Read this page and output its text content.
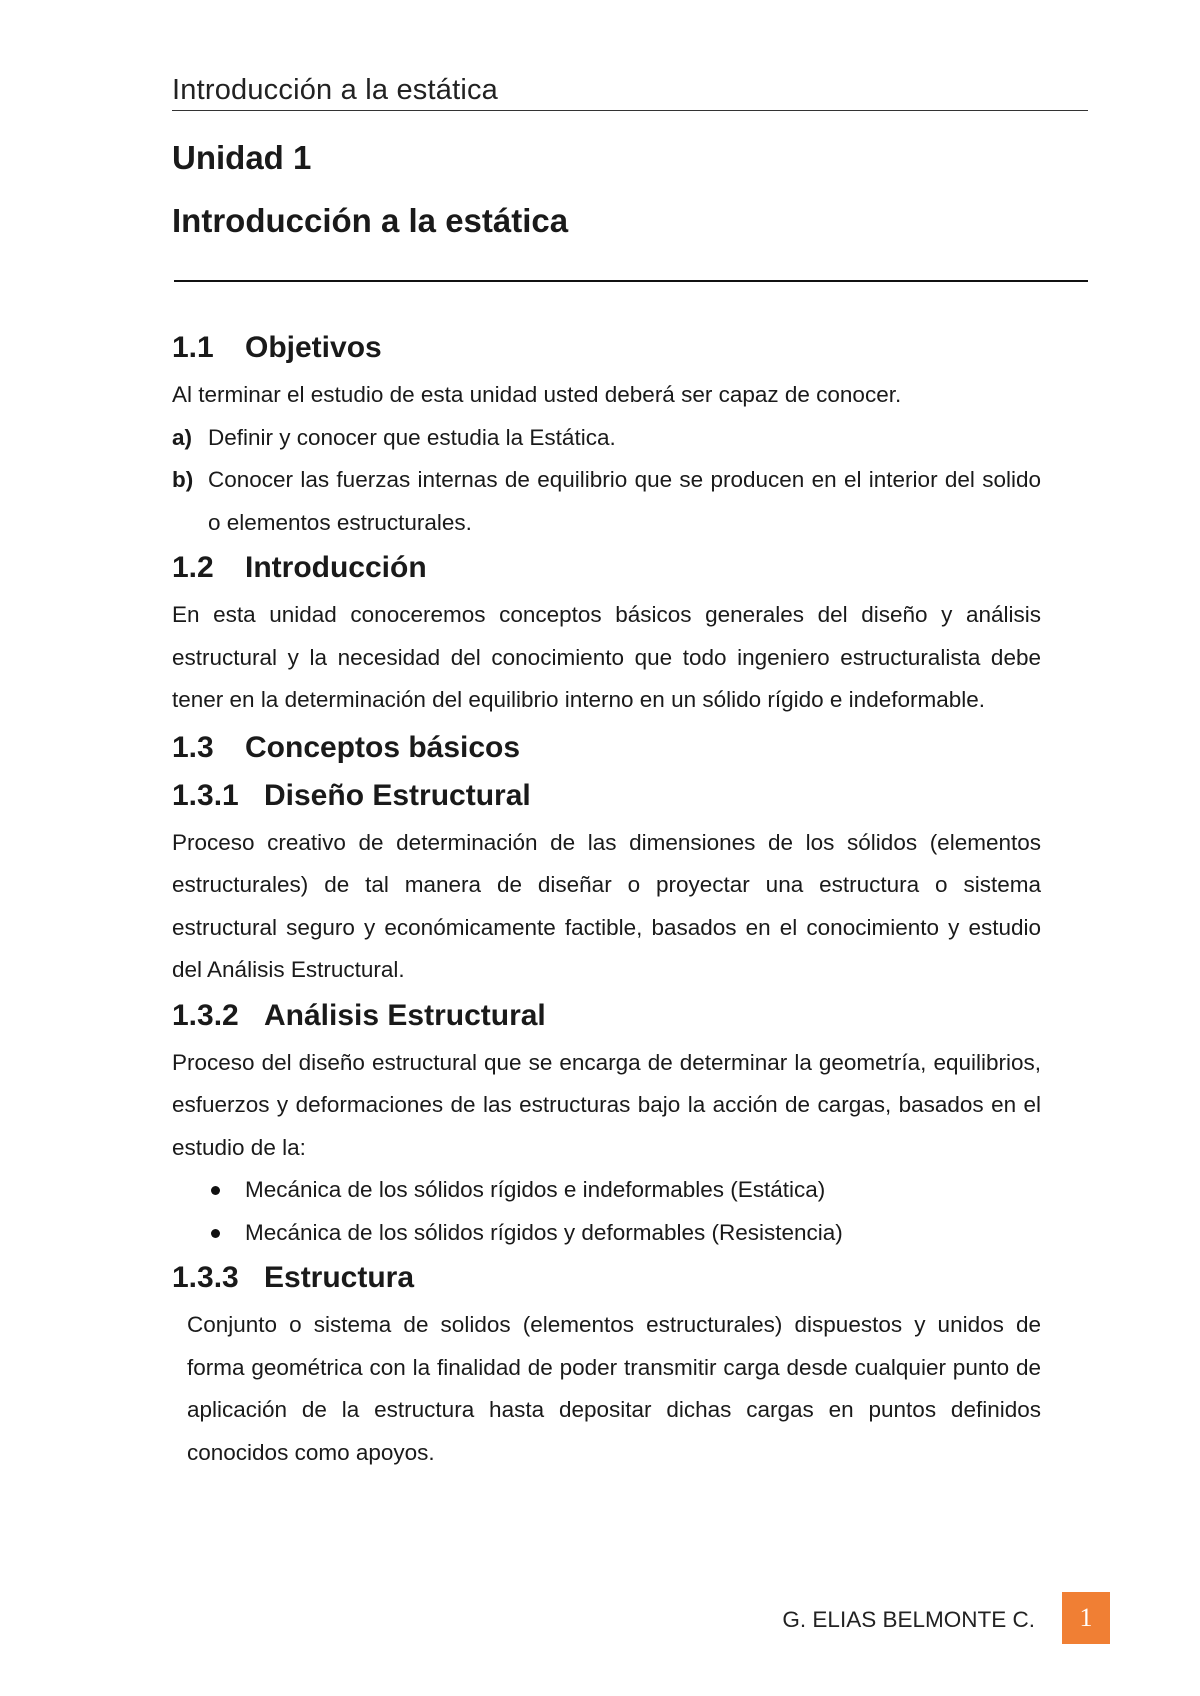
Introducción a la estática
Unidad 1
Introducción a la estática
1.1	Objetivos

Al terminar el estudio de esta unidad usted deberá ser capaz de conocer.

a) Definir y conocer que estudia la Estática.
b) Conocer las fuerzas internas de equilibrio que se producen en el interior del solido o elementos estructurales.
1.2	Introducción

En esta unidad conoceremos conceptos básicos generales del diseño y análisis estructural y la necesidad del conocimiento que todo ingeniero estructuralista debe tener en la determinación del equilibrio interno en un sólido rígido e indeformable.

1.3	Conceptos básicos
1.3.1 Diseño Estructural

Proceso creativo de determinación de las dimensiones de los sólidos (elementos estructurales) de tal manera de diseñar o proyectar una estructura o sistema estructural seguro y económicamente factible, basados en el conocimiento y estudio del Análisis Estructural.

1.3.2 Análisis Estructural

Proceso del diseño estructural que se encarga de determinar la geometría, equilibrios, esfuerzos y deformaciones de las estructuras bajo la acción de cargas, basados en el estudio de la:

Mecánica de los sólidos rígidos e indeformables (Estática)
Mecánica de los sólidos rígidos y deformables (Resistencia)
1.3.3 Estructura

Conjunto o sistema de solidos (elementos estructurales) dispuestos y unidos de forma geométrica con la finalidad de poder transmitir carga desde cualquier punto de aplicación de la estructura hasta depositar dichas cargas en puntos definidos conocidos como apoyos.

G. ELIAS BELMONTE C.	1
